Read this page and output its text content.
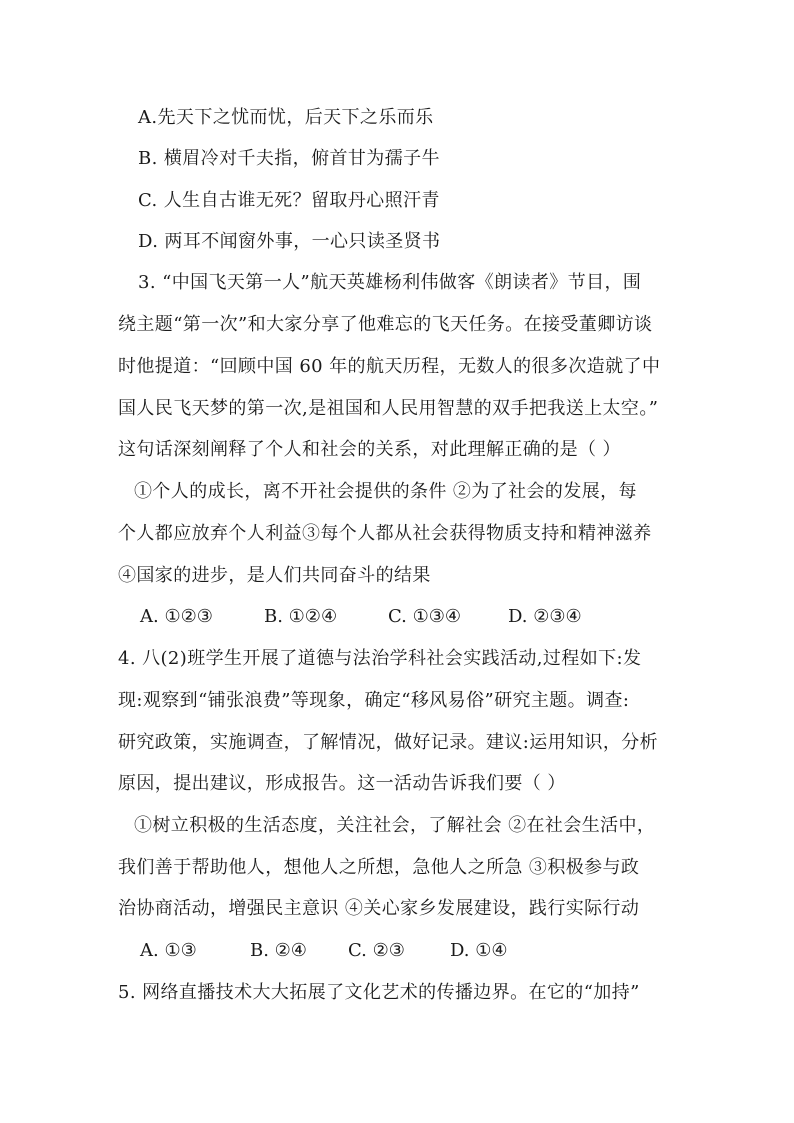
A.先天下之忧而忧，后天下之乐而乐
B. 横眉冷对千夫指，俯首甘为孺子牛
C. 人生自古谁无死？留取丹心照汗青
D. 两耳不闻窗外事，一心只读圣贤书
3. “中国飞天第一人”航天英雄杨利伟做客《朗读者》节目，围
绕主题“第一次”和大家分享了他难忘的飞天任务。在接受董卿访谈
时他提道：“回顾中国 60 年的航天历程，无数人的很多次造就了中
国人民飞天梦的第一次,是祖国和人民用智慧的双手把我送上太空。”
这句话深刻阐释了个人和社会的关系，对此理解正确的是（ ）
①个人的成长，离不开社会提供的条件 ②为了社会的发展，每
个人都应放弃个人利益③每个人都从社会获得物质支持和精神滋养
④国家的进步，是人们共同奋斗的结果
A. ①②③	B. ①②④	C. ①③④	D. ②③④
4. 八(2)班学生开展了道德与法治学科社会实践活动,过程如下:发
现:观察到“铺张浪费”等现象，确定“移风易俗”研究主题。调查:
研究政策，实施调查，了解情况，做好记录。建议:运用知识，分析
原因，提出建议，形成报告。这一活动告诉我们要（ ）
①树立积极的生活态度，关注社会，了解社会 ②在社会生活中，
我们善于帮助他人，想他人之所想，急他人之所急 ③积极参与政
治协商活动，增强民主意识 ④关心家乡发展建设，践行实际行动
A. ①③	B. ②④ C. ②③	D. ①④
5. 网络直播技术大大拓展了文化艺术的传播边界。在它的“加持”
